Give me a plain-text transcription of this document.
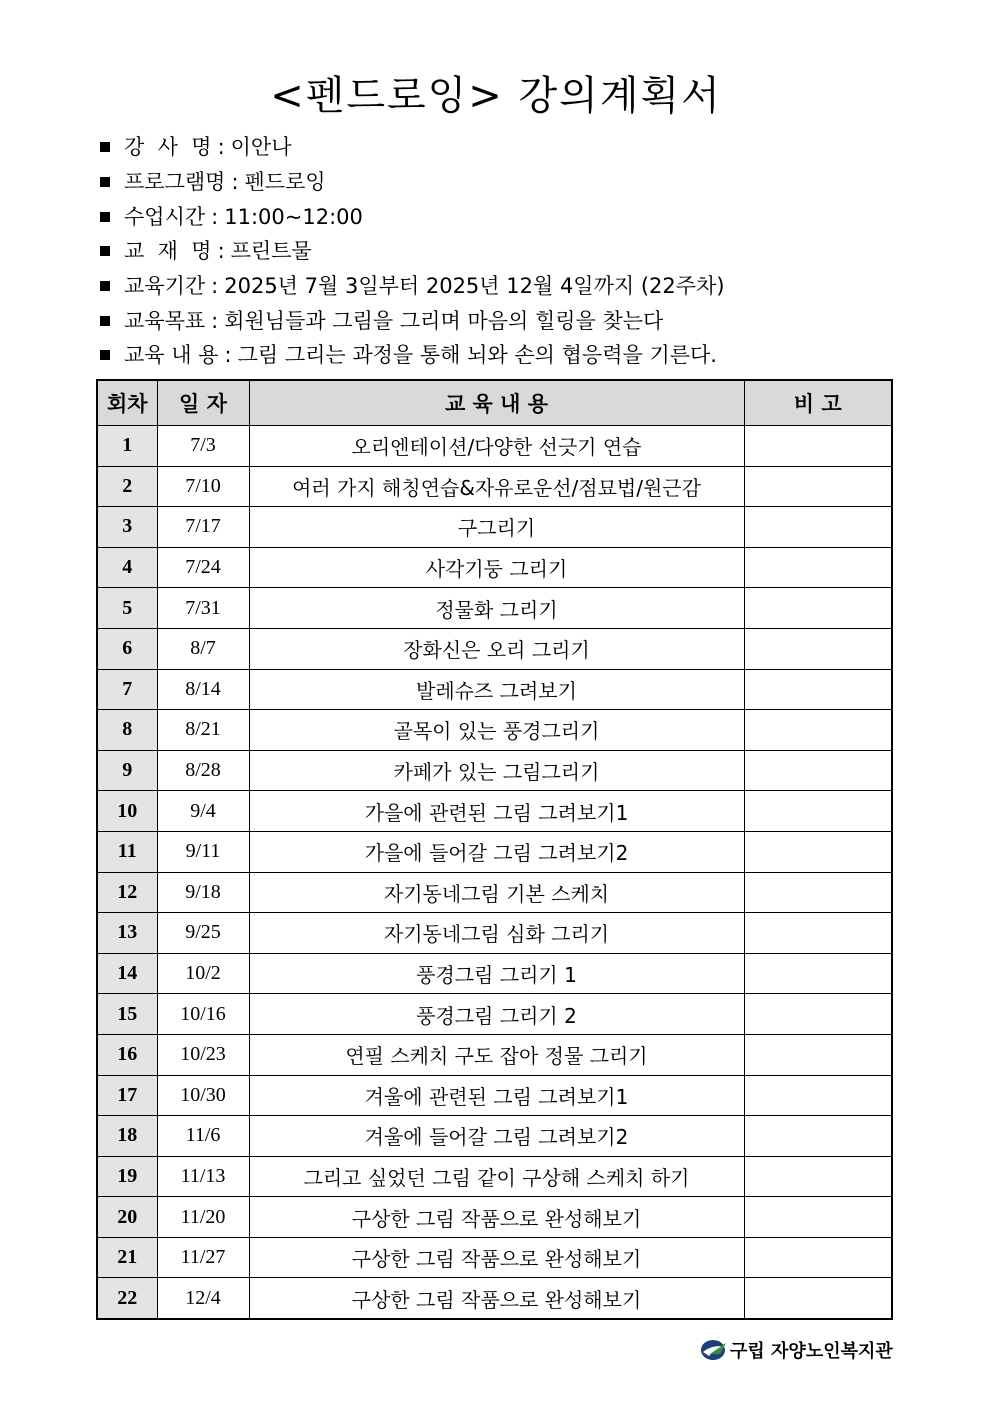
<펜드로잉> 강의계획서
강  사  명 : 이안나
프로그램명 : 펜드로잉
수업시간 : 11:00~12:00
교  재  명 : 프린트물
교육기간 : 2025년 7월 3일부터 2025년 12월 4일까지 (22주차)
교육목표 : 회원님들과 그림을 그리며 마음의 힐링을 찾는다
교육 내 용 : 그림 그리는 과정을 통해 뇌와 손의 협응력을 기른다.
회차	일 자	교 육 내 용	비 고
1	7/3	오리엔테이션/다양한 선긋기 연습	
2	7/10	여러 가지 해칭연습&자유로운선/점묘법/원근감	
3	7/17	구그리기	
4	7/24	사각기둥 그리기	
5	7/31	정물화 그리기	
6	8/7	장화신은 오리 그리기	
7	8/14	발레슈즈 그려보기	
8	8/21	골목이 있는 풍경그리기	
9	8/28	카페가 있는 그림그리기	
10	9/4	가을에 관련된 그림 그려보기1	
11	9/11	가을에 들어갈 그림 그려보기2	
12	9/18	자기동네그림 기본 스케치	
13	9/25	자기동네그림 심화 그리기	
14	10/2	풍경그림 그리기 1	
15	10/16	풍경그림 그리기 2	
16	10/23	연필 스케치 구도 잡아 정물 그리기	
17	10/30	겨울에 관련된 그림 그려보기1	
18	11/6	겨울에 들어갈 그림 그려보기2	
19	11/13	그리고 싶었던 그림 같이 구상해 스케치 하기	
20	11/20	구상한 그림 작품으로 완성해보기	
21	11/27	구상한 그림 작품으로 완성해보기	
22	12/4	구상한 그림 작품으로 완성해보기	
구립 자양노인복지관
